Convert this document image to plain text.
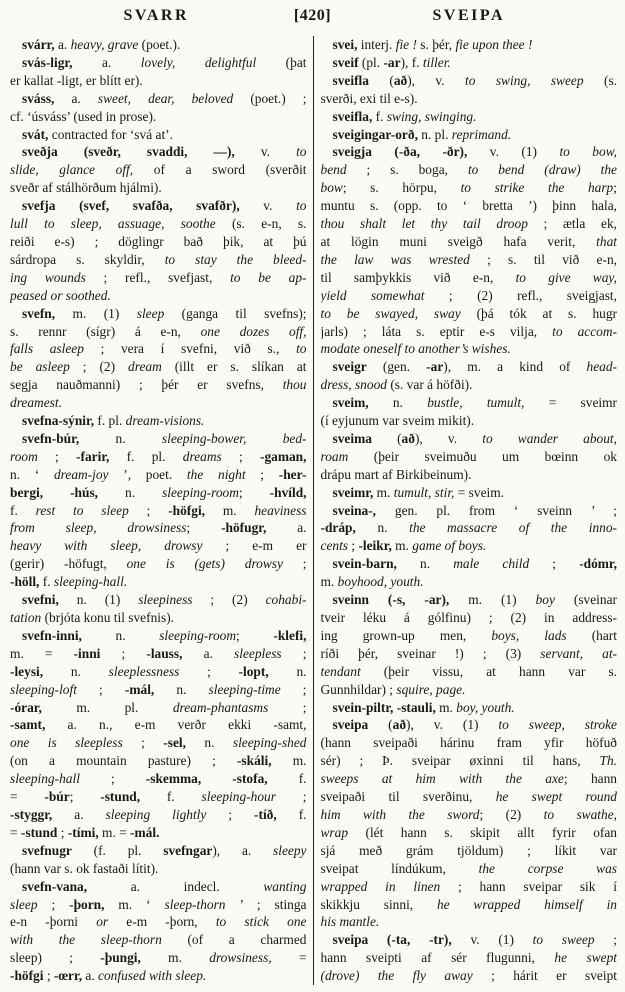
[420]
SVARR	SVEIPA
svárr, a. heavy, grave (poet.).
svás-ligr, a. lovely, delightful (þat
er kallat -ligt, er blítt er).
sváss, a. sweet, dear, beloved (poet.) ;
cf. ‘úsváss’ (used in prose).
svát, contracted for ‘svá at’.
sveðja (sveðr, svaddi, —), v. to
slide, glance off, of a sword (sverðit
sveðr af stálhörðum hjálmi).
svefja (svef, svafða, svafðr), v. to
lull to sleep, assuage, soothe (s. e-n, s.
reiði e-s) ; döglingr bað þik, at þú
sárdropa s. skyldir, to stay the bleed-
ing wounds ; refl., svefjast, to be ap-
peased or soothed.
svefn, m. (1) sleep (ganga til svefns);
s. rennr (sígr) á e-n, one dozes off,
falls asleep ; vera í svefni, við s., to
be asleep ; (2) dream (illt er s. slíkan at
segja nauðmanni) ; þér er svefns, thou
dreamest.
svefna-sýnir, f. pl. dream-visions.
svefn-búr, n. sleeping-bower, bed-
room ; -farir, f. pl. dreams ; -gaman,
n. ‘ dream-joy ’, poet. the night ; -her-
bergi, -hús, n. sleeping-room; -hvíld,
f. rest to sleep ; -höfgi, m. heaviness
from sleep, drowsiness; -höfugr, a.
heavy with sleep, drowsy ; e-m er
(gerir) -höfugt, one is (gets) drowsy ;
-höll, f. sleeping-hall.
svefni, n. (1) sleepiness ; (2) cohabi-
tation (brjóta konu til svefnis).
svefn-inni, n. sleeping-room; -klefi,
m. = -inni ; -lauss, a. sleepless ;
-leysi, n. sleeplessness ; -lopt, n.
sleeping-loft ; -mál, n. sleeping-time ;
-órar, m. pl. dream-phantasms ;
-samt, a. n., e-m verðr ekki -samt,
one is sleepless ; -sel, n. sleeping-shed
(on a mountain pasture) ; -skáli, m.
sleeping-hall ; -skemma, -stofa, f.
= -búr; -stund, f. sleeping-hour ;
-styggr, a. sleeping lightly ; -tíð, f.
= -stund ; -tími, m. = -mál.
svefnugr (f. pl. svefngar), a. sleepy
(hann var s. ok fastaði lítit).
svefn-vana, a. indecl. wanting
sleep ; -þorn, m. ‘ sleep-thorn ’ ; stinga
e-n -þorni or e-m -þorn, to stick one
with the sleep-thorn (of a charmed
sleep) ; -þungi, m. drowsiness, =
-höfgi ; -œrr, a. confused with sleep.
svei, interj. fie ! s. þér, fie upon thee !
sveif (pl. -ar), f. tiller.
sveifla (að), v. to swing, sweep (s.
sverði, exi til e-s).
sveifla, f. swing, swinging.
sveigingar-orð, n. pl. reprimand.
sveigja (-ða, -ðr), v. (1) to bow,
bend ; s. boga, to bend (draw) the
bow; s. hörpu, to strike the harp;
muntu s. (opp. to ‘ bretta ’) þinn hala,
thou shalt let thy tail droop ; ætla ek,
at lögin muni sveigð hafa verit, that
the law was wrested ; s. til við e-n,
til samþykkis við e-n, to give way,
yield somewhat ; (2) refl., sveigjast,
to be swayed, sway (þá tók at s. hugr
jarls) ; láta s. eptir e-s vilja, to accom-
modate oneself to another’s wishes.
sveigr (gen. -ar), m. a kind of head-
dress, snood (s. var á höfði).
sveim, n. bustle, tumult, = sveimr
(í eyjunum var sveim mikit).
sveima (að), v. to wander about,
roam (þeir sveimuðu um bœinn ok
drápu mart af Birkibeinum).
sveimr, m. tumult, stir, = sveim.
sveina-, gen. pl. from ‘ sveinn ’ ;
-dráp, n. the massacre of the inno-
cents ; -leikr, m. game of boys.
svein-barn, n. male child ; -dómr,
m. boyhood, youth.
sveinn (-s, -ar), m. (1) boy (sveinar
tveir léku á gólfinu) ; (2) in address-
ing grown-up men, boys, lads (hart
ríði þér, sveinar !) ; (3) servant, at-
tendant (þeir vissu, at hann var s.
Gunnhildar) ; squire, page.
svein-piltr, -stauli, m. boy, youth.
sveipa (að), v. (1) to sweep, stroke
(hann sveipaði hárinu fram yfir höfuð
sér) ; Þ. sveipar øxinni til hans, Th.
sweeps at him with the axe; hann
sveipaði til sverðinu, he swept round
him with the sword; (2) to swathe,
wrap (lét hann s. skipit allt fyrir ofan
sjá með grám tjöldum) ; líkit var
sveipat líndúkum, the corpse was
wrapped in linen ; hann sveipar sik í
skikkju sinni, he wrapped himself in
his mantle.
sveipa (-ta, -tr), v. (1) to sweep ;
hann sveipti af sér flugunni, he swept
(drove) the fly away ; hárit er sveipt
